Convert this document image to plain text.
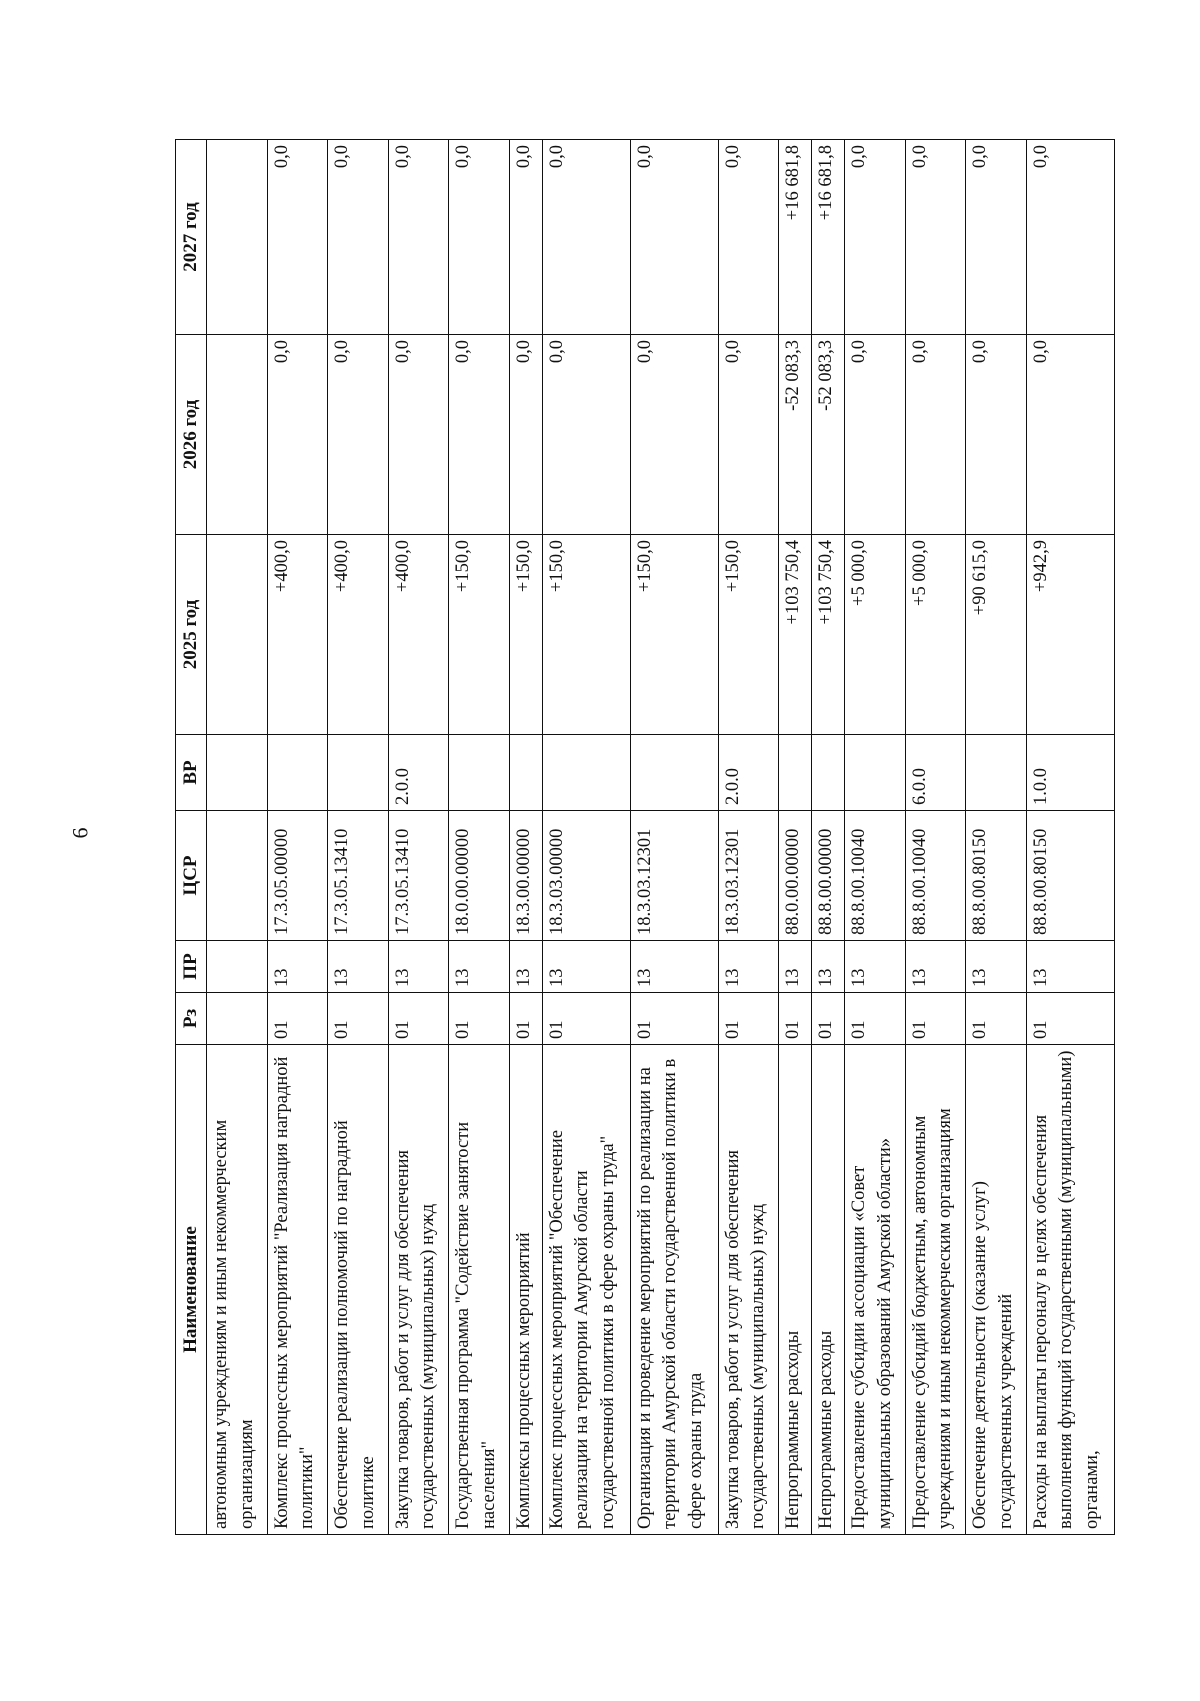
6
Наименование	Рз	ПР	ЦСР	ВР	2025 год	2026 год	2027 год
автономным учреждениям и иным некоммерческим организациям							
Комплекс процессных мероприятий "Реализация наградной политики"	01	13	17.3.05.00000		+400,0	0,0	0,0
Обеспечение реализации полномочий по наградной политике	01	13	17.3.05.13410		+400,0	0,0	0,0
Закупка товаров, работ и услуг для обеспечения государственных (муниципальных) нужд	01	13	17.3.05.13410	2.0.0	+400,0	0,0	0,0
Государственная программа "Содействие занятости населения"	01	13	18.0.00.00000		+150,0	0,0	0,0
Комплексы процессных мероприятий	01	13	18.3.00.00000		+150,0	0,0	0,0
Комплекс процессных мероприятий "Обеспечение реализации на территории Амурской области государственной политики в сфере охраны труда"	01	13	18.3.03.00000		+150,0	0,0	0,0
Организация и проведение мероприятий по реализации на территории Амурской области государственной политики в сфере охраны труда	01	13	18.3.03.12301		+150,0	0,0	0,0
Закупка товаров, работ и услуг для обеспечения государственных (муниципальных) нужд	01	13	18.3.03.12301	2.0.0	+150,0	0,0	0,0
Непрограммные расходы	01	13	88.0.00.00000		+103 750,4	-52 083,3	+16 681,8
Непрограммные расходы	01	13	88.8.00.00000		+103 750,4	-52 083,3	+16 681,8
Предоставление субсидии ассоциации «Совет муниципальных образований Амурской области»	01	13	88.8.00.10040		+5 000,0	0,0	0,0
Предоставление субсидий бюджетным, автономным учреждениям и иным некоммерческим организациям	01	13	88.8.00.10040	6.0.0	+5 000,0	0,0	0,0
Обеспечение деятельности (оказание услуг) государственных учреждений	01	13	88.8.00.80150		+90 615,0	0,0	0,0
Расходы на выплаты персоналу в целях обеспечения выполнения функций государственными (муниципальными) органами,	01	13	88.8.00.80150	1.0.0	+942,9	0,0	0,0
